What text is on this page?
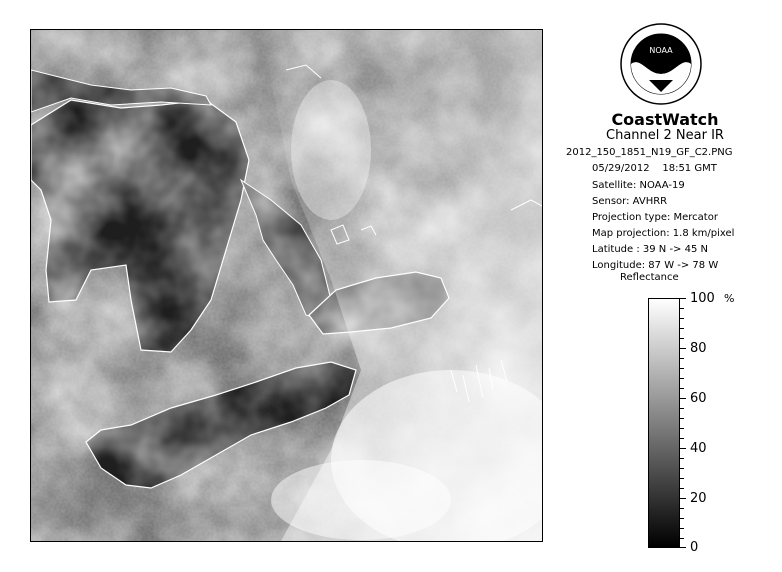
NOAA
CoastWatch
Channel 2 Near IR
2012_150_1851_N19_GF_C2.PNG
05/29/2012    18:51 GMT
Satellite: NOAA-19
Sensor: AVHRR
Projection type: Mercator
Map projection: 1.8 km/pixel
Latitude : 39 N -> 45 N
Longitude: 87 W -> 78 W
Reflectance
%
100
80
60
40
20
0
